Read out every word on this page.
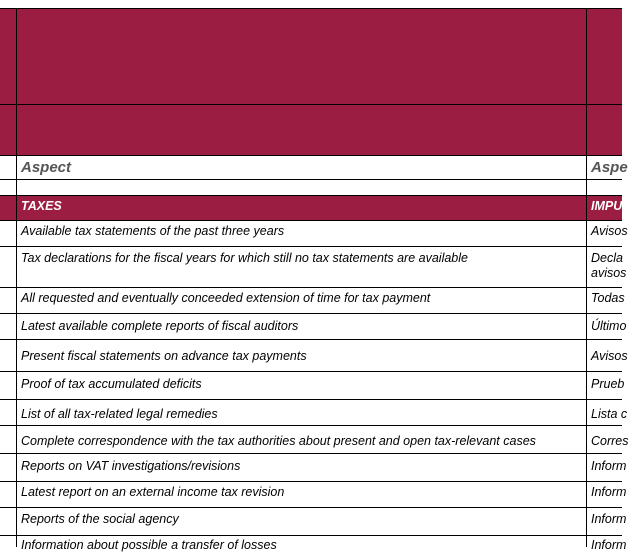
Aspect	Aspe
TAXES	IMPU
Available tax statements of the past three years	Avisos
Tax declarations for the fiscal years for which still no tax statements are available	Decla
avisos
All requested and eventually conceeded extension of time for tax payment	Todas
Latest available complete reports of fiscal auditors	Último
Present fiscal statements on advance tax payments	Avisos
Proof of tax accumulated deficits	Prueb
List of all tax-related legal remedies	Lista c
Complete correspondence with the tax authorities about present and open tax-relevant cases	Corres
Reports on VAT investigations/revisions	Inform
Latest report on an external income tax revision	Inform
Reports of the social agency	Inform
Information about possible a transfer of losses	Inform
